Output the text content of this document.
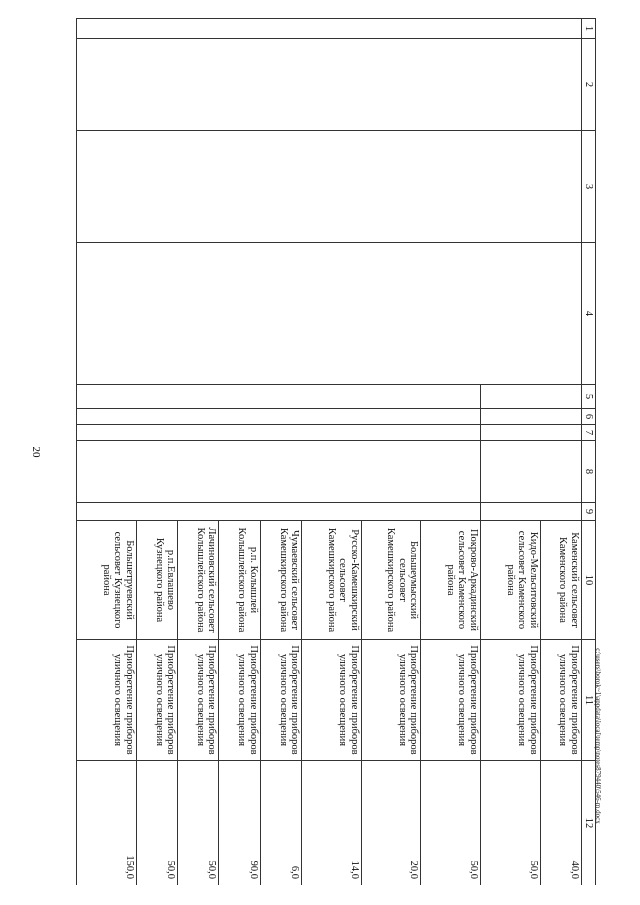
20
1	2	3	4	5	6	7	8	9	10	11	12
									Каменский сельсовет Каменского района	Приобретение приборов уличного освещения	40,0
									Кидо-Мельситовский сельсовет Каменского района	Приобретение приборов уличного освещения	50,0
									Покрово-Аркадинский сельсовет Каменского района	Приобретение приборов уличного освещения	50,0
									Большеумысский сельсовет Камешкирского района	Приобретение приборов уличного освещения	20,0
									Русско-Камешкирский сельсовет Камешкирского района	Приобретение приборов уличного освещения	14,0
									Чумаевский сельсовет Камешкирского района	Приобретение приборов уличного освещения	6,0
									р.п. Колышлей Колышлейского района	Приобретение приборов уличного освещения	90,0
									Лачиновский сельсовет Колышлейского района	Приобретение приборов уличного освещения	50,0
									р.п.Евлашево Кузнецкого района	Приобретение приборов уличного освещения	50,0
									Большетруевский сельсовет Кузнецкого района	Приобретение приборов уличного освещения	150,0
c:\users\borok~1\appdata\local\temp\notes879440\546-m.docx
